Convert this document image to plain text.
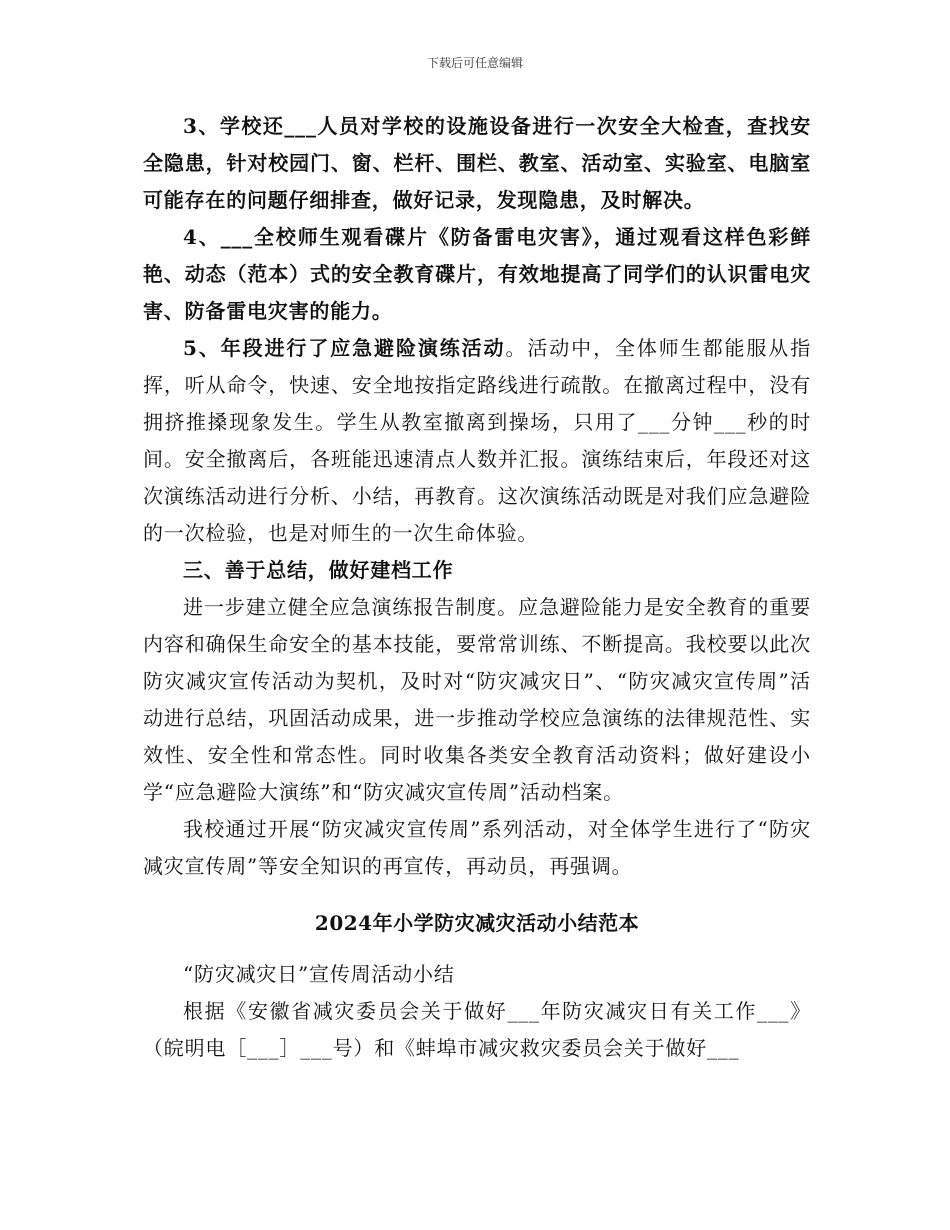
下载后可任意编辑

3、学校还___人员对学校的设施设备进行一次安全大检查，查找安全隐患，针对校园门、窗、栏杆、围栏、教室、活动室、实验室、电脑室可能存在的问题仔细排查，做好记录，发现隐患，及时解决。

4、___全校师生观看碟片《防备雷电灾害》，通过观看这样色彩鲜艳、动态（范本）式的安全教育碟片，有效地提高了同学们的认识雷电灾害、防备雷电灾害的能力。

5、年段进行了应急避险演练活动。活动中，全体师生都能服从指挥，听从命令，快速、安全地按指定路线进行疏散。在撤离过程中，没有拥挤推搡现象发生。学生从教室撤离到操场，只用了___分钟___秒的时间。安全撤离后，各班能迅速清点人数并汇报。演练结束后，年段还对这次演练活动进行分析、小结，再教育。这次演练活动既是对我们应急避险的一次检验，也是对师生的一次生命体验。

三、善于总结，做好建档工作

进一步建立健全应急演练报告制度。应急避险能力是安全教育的重要内容和确保生命安全的基本技能，要常常训练、不断提高。我校要以此次防灾减灾宣传活动为契机，及时对“防灾减灾日”、“防灾减灾宣传周”活动进行总结，巩固活动成果，进一步推动学校应急演练的法律规范性、实效性、安全性和常态性。同时收集各类安全教育活动资料；做好建设小学“应急避险大演练”和“防灾减灾宣传周”活动档案。

我校通过开展“防灾减灾宣传周”系列活动，对全体学生进行了“防灾减灾宣传周”等安全知识的再宣传，再动员，再强调。

2024年小学防灾减灾活动小结范本

“防灾减灾日”宣传周活动小结

根据《安徽省减灾委员会关于做好___年防灾减灾日有关工作___》（皖明电［___］___号）和《蚌埠市减灾救灾委员会关于做好___
